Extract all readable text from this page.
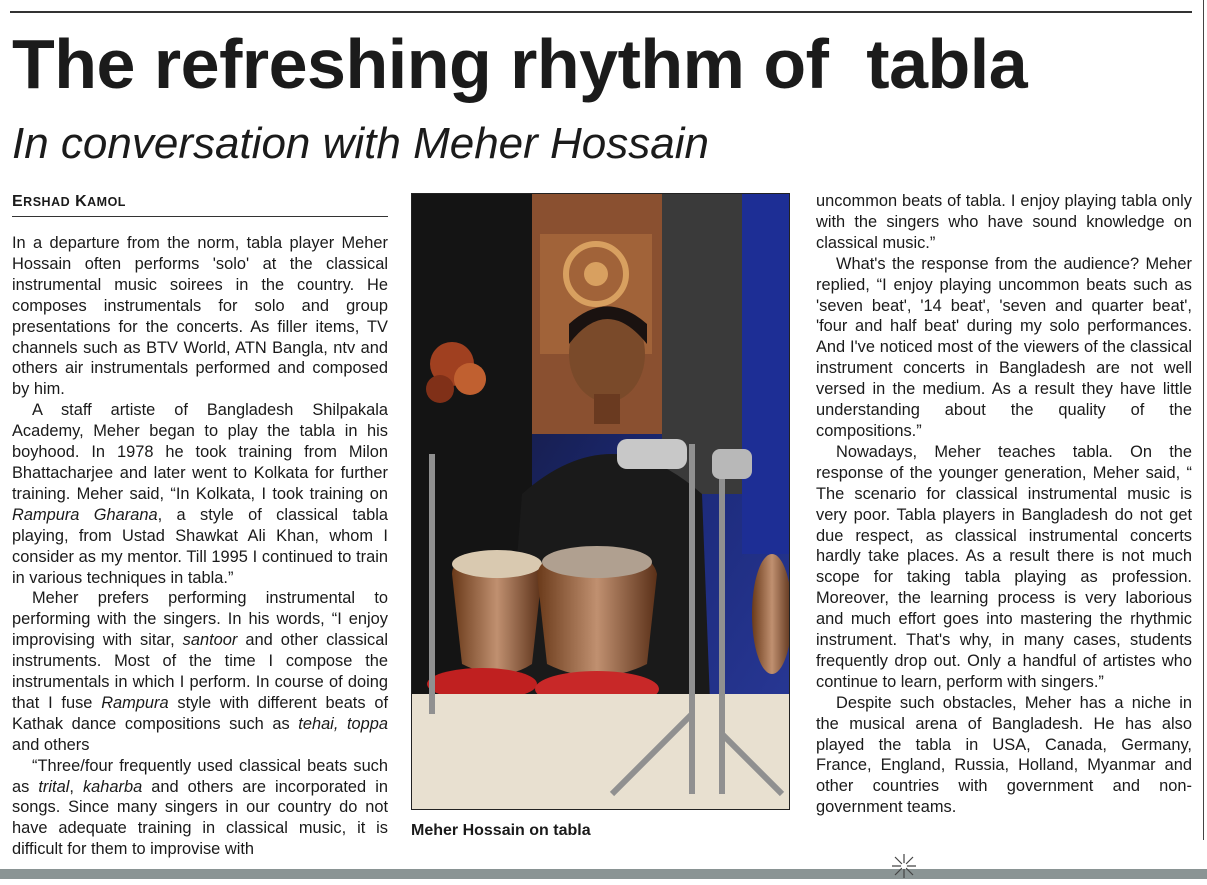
The refreshing rhythm of  tabla
In conversation with Meher Hossain
ERSHAD KAMOL

In a departure from the norm, tabla player Meher Hossain often performs 'solo' at the classical instrumental music soirees in the country. He composes instrumentals for solo and group presentations for the concerts. As filler items, TV channels such as BTV World, ATN Bangla, ntv and others air instrumentals performed and composed by him.

A staff artiste of Bangladesh Shilpakala Academy, Meher began to play the tabla in his boyhood. In 1978 he took training from Milon Bhattacharjee and later went to Kolkata for further training. Meher said, “In Kolkata, I took training on Rampura Gharana, a style of classical tabla playing, from Ustad Shawkat Ali Khan, whom I consider as my mentor. Till 1995 I continued to train in various techniques in tabla.”

Meher prefers performing instrumental to performing with the singers. In his words, “I enjoy improvising with sitar, santoor and other classical instruments. Most of the time I compose the instrumentals in which I perform. In course of doing that I fuse Rampura style with different beats of Kathak dance compositions such as tehai, toppa and others

“Three/four frequently used classical beats such as trital, kaharba and others are incorporated in songs. Since many singers in our country do not have adequate training in classical music, it is difficult for them to improvise with

Meher Hossain on tabla

uncommon beats of tabla. I enjoy playing tabla only with the singers who have sound knowledge on classical music.”

What's the response from the audience? Meher replied, “I enjoy playing uncommon beats such as 'seven beat', '14 beat', 'seven and quarter beat', 'four and half beat' during my solo performances. And I've noticed most of the viewers of the classical instrument concerts in Bangladesh are not well versed in the medium. As a result they have little understanding about the quality of the compositions.”

Nowadays, Meher teaches tabla. On the response of the younger generation, Meher said, “ The scenario for classical instrumental music is very poor. Tabla players in Bangladesh do not get due respect, as classical instrumental concerts hardly take places. As a result there is not much scope for taking tabla playing as profession. Moreover, the learning process is very laborious and much effort goes into mastering the rhythmic instrument. That's why, in many cases, students frequently drop out. Only a handful of artistes who continue to learn, perform with singers.”

Despite such obstacles, Meher has a niche in the musical arena of Bangladesh. He has also played the tabla in USA, Canada, Germany, France, England, Russia, Holland, Myanmar and other countries with government and non-government teams.
